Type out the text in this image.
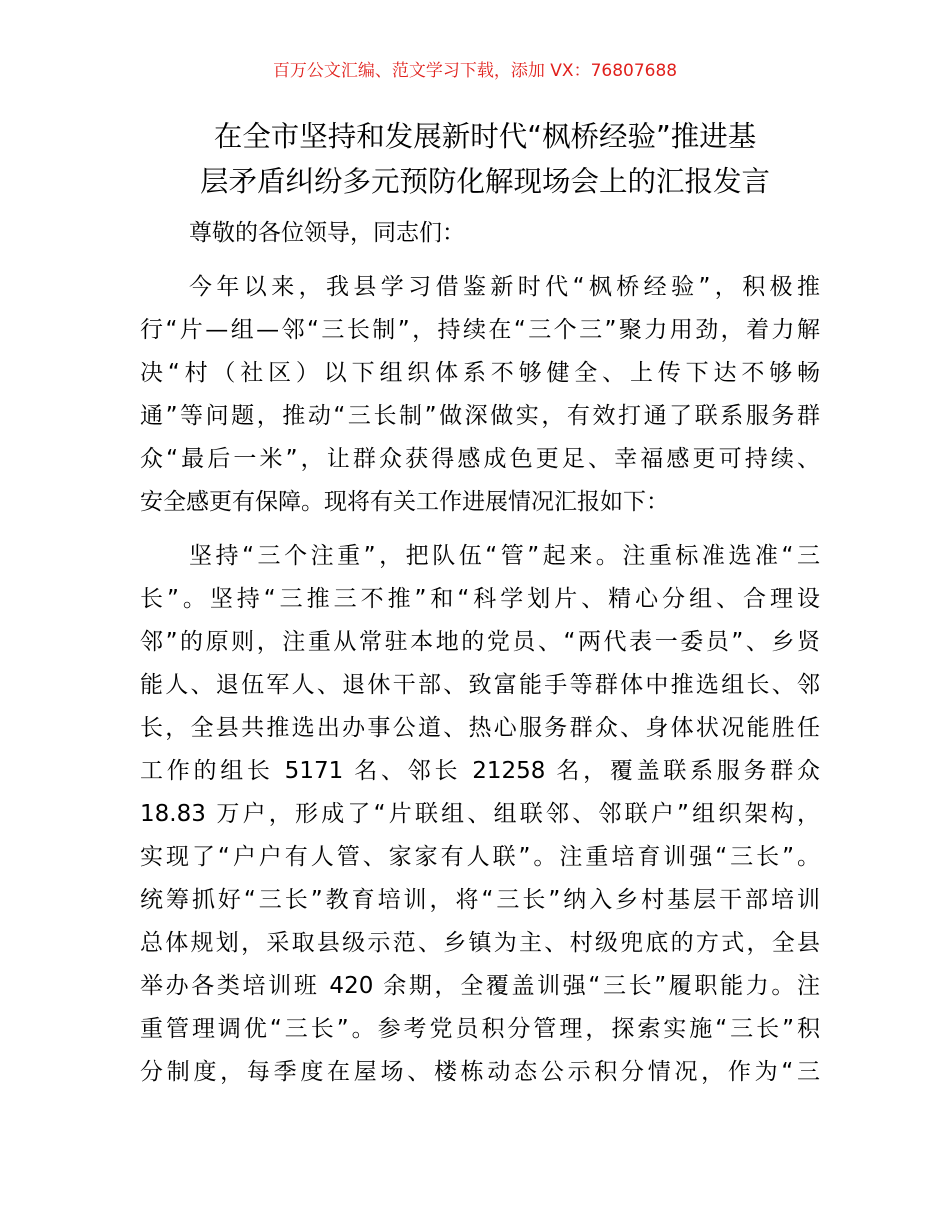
百万公文汇编、范文学习下载，添加 VX：76807688
在全市坚持和发展新时代“枫桥经验”推进基
层矛盾纠纷多元预防化解现场会上的汇报发言
尊敬的各位领导，同志们：
今年以来，我县学习借鉴新时代“枫桥经验”，积极推
行“片—组—邻“三长制”，持续在“三个三”聚力用劲，着力解
决“村（社区）以下组织体系不够健全、上传下达不够畅
通”等问题，推动“三长制”做深做实，有效打通了联系服务群
众“最后一米”，让群众获得感成色更足、幸福感更可持续、
安全感更有保障。现将有关工作进展情况汇报如下：
坚持“三个注重”，把队伍“管”起来。注重标准选准“三
长”。坚持“三推三不推”和“科学划片、精心分组、合理设
邻”的原则，注重从常驻本地的党员、“两代表一委员”、乡贤
能人、退伍军人、退休干部、致富能手等群体中推选组长、邻
长，全县共推选出办事公道、热心服务群众、身体状况能胜任
工作的组长 5171 名、邻长 21258 名，覆盖联系服务群众
18.83 万户，形成了“片联组、组联邻、邻联户”组织架构，
实现了“户户有人管、家家有人联”。注重培育训强“三长”。
统筹抓好“三长”教育培训，将“三长”纳入乡村基层干部培训
总体规划，采取县级示范、乡镇为主、村级兜底的方式，全县
举办各类培训班 420 余期，全覆盖训强“三长”履职能力。注
重管理调优“三长”。参考党员积分管理，探索实施“三长”积
分制度，每季度在屋场、楼栋动态公示积分情况，作为“三
